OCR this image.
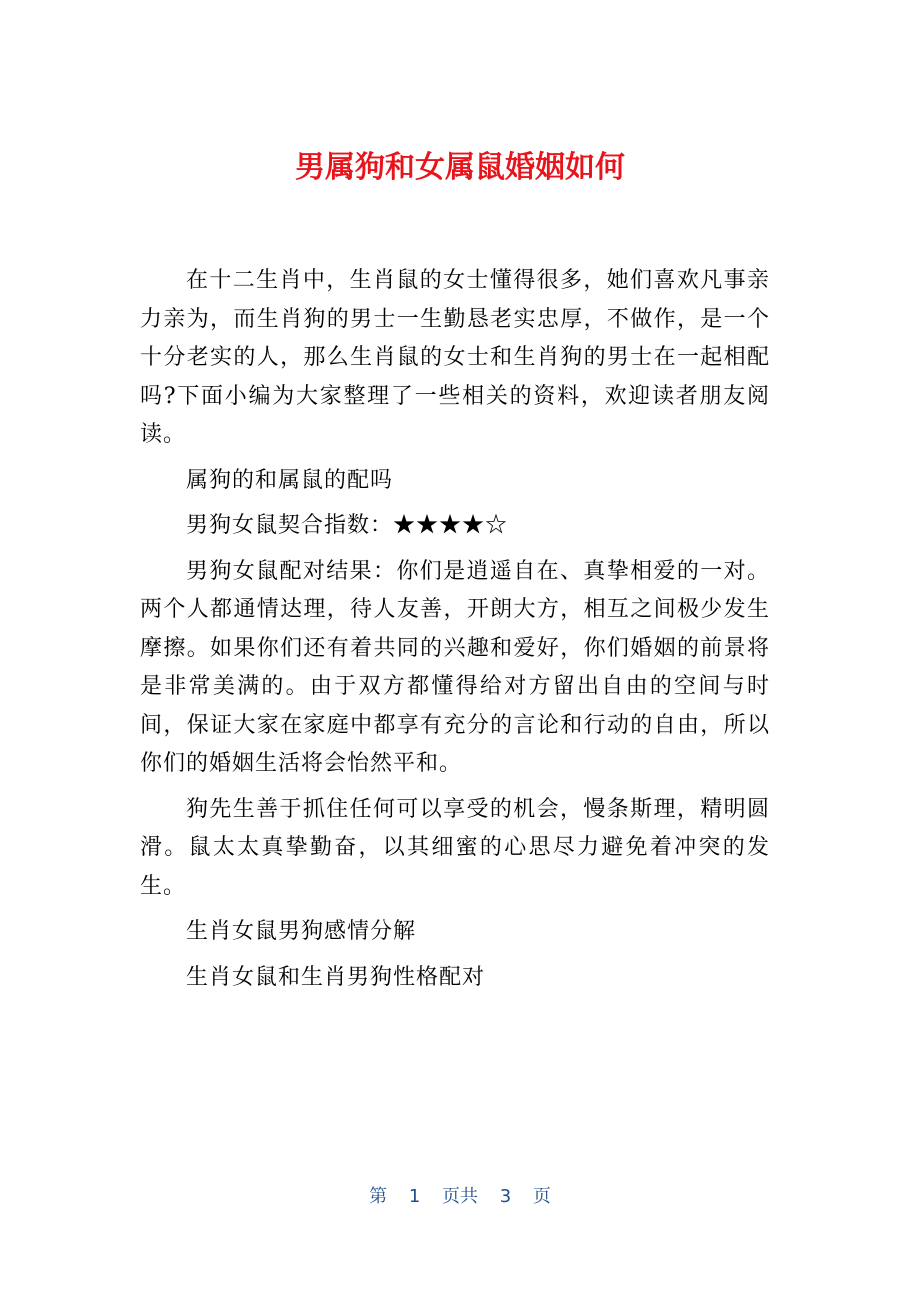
男属狗和女属鼠婚姻如何

在十二生肖中，生肖鼠的女士懂得很多，她们喜欢凡事亲力亲为，而生肖狗的男士一生勤恳老实忠厚，不做作，是一个十分老实的人，那么生肖鼠的女士和生肖狗的男士在一起相配吗?下面小编为大家整理了一些相关的资料，欢迎读者朋友阅读。

属狗的和属鼠的配吗

男狗女鼠契合指数：★★★★☆

男狗女鼠配对结果：你们是逍遥自在、真挚相爱的一对。两个人都通情达理，待人友善，开朗大方，相互之间极少发生摩擦。如果你们还有着共同的兴趣和爱好，你们婚姻的前景将是非常美满的。由于双方都懂得给对方留出自由的空间与时间，保证大家在家庭中都享有充分的言论和行动的自由，所以你们的婚姻生活将会怡然平和。

狗先生善于抓住任何可以享受的机会，慢条斯理，精明圆滑。鼠太太真挚勤奋，以其细蜜的心思尽力避免着冲突的发生。

生肖女鼠男狗感情分解

生肖女鼠和生肖男狗性格配对

第 1 页共 3 页
